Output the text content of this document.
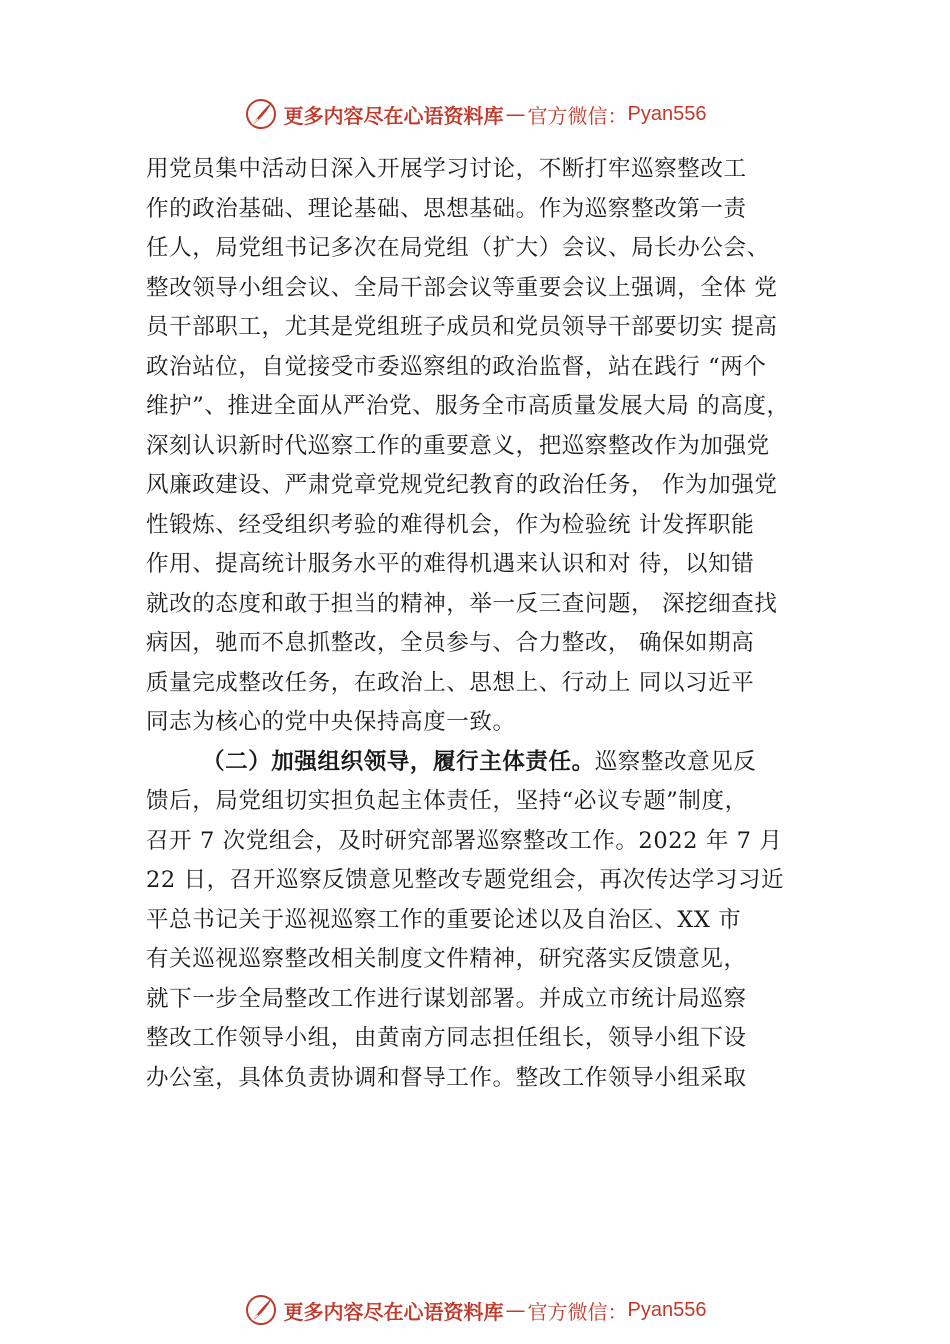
更多内容尽在心语资料库 — 官方微信： Pyan556
用党员集中活动日深入开展学习讨论，不断打牢巡察整改工
作的政治基础、理论基础、思想基础。作为巡察整改第一责
任人，局党组书记多次在局党组（扩大）会议、局长办公会、
整改领导小组会议、全局干部会议等重要会议上强调，全体 党
员干部职工，尤其是党组班子成员和党员领导干部要切实 提高
政治站位，自觉接受市委巡察组的政治监督，站在践行 “两个
维护”、推进全面从严治党、服务全市高质量发展大局 的高度，
深刻认识新时代巡察工作的重要意义，把巡察整改作为加强党
风廉政建设、严肃党章党规党纪教育的政治任务， 作为加强党
性锻炼、经受组织考验的难得机会，作为检验统 计发挥职能
作用、提高统计服务水平的难得机遇来认识和对 待，以知错
就改的态度和敢于担当的精神，举一反三查问题， 深挖细查找
病因，驰而不息抓整改，全员参与、合力整改， 确保如期高
质量完成整改任务，在政治上、思想上、行动上 同以习近平
同志为核心的党中央保持高度一致。
（二）加强组织领导，履行主体责任。巡察整改意见反
馈后，局党组切实担负起主体责任，坚持“必议专题”制度，
召开 7 次党组会，及时研究部署巡察整改工作。2022 年 7 月
22 日，召开巡察反馈意见整改专题党组会，再次传达学习习近
平总书记关于巡视巡察工作的重要论述以及自治区、XX 市
有关巡视巡察整改相关制度文件精神，研究落实反馈意见，
就下一步全局整改工作进行谋划部署。并成立市统计局巡察
整改工作领导小组，由黄南方同志担任组长，领导小组下设
办公室，具体负责协调和督导工作。整改工作领导小组采取
更多内容尽在心语资料库 — 官方微信： Pyan556
